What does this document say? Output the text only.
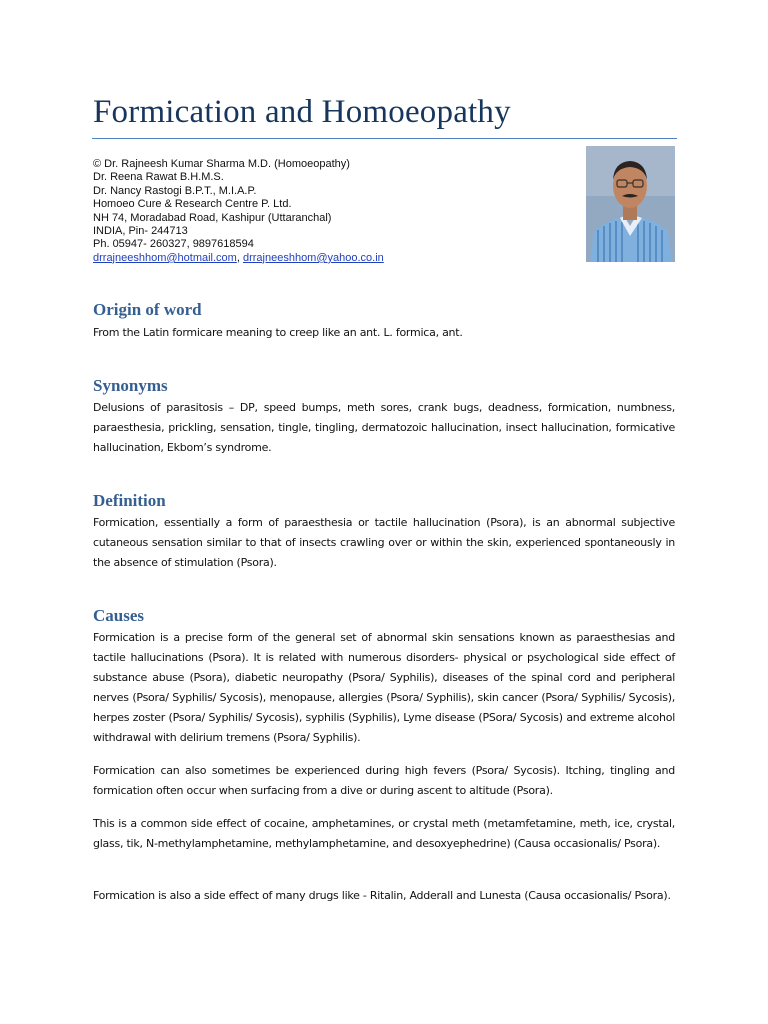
Formication and Homoeopathy
© Dr. Rajneesh Kumar Sharma M.D. (Homoeopathy)
Dr. Reena Rawat B.H.M.S.
Dr. Nancy Rastogi B.P.T., M.I.A.P.
Homoeo Cure & Research Centre P. Ltd.
NH 74, Moradabad Road, Kashipur (Uttaranchal)
INDIA, Pin- 244713
Ph. 05947- 260327, 9897618594
drrajneeshhom@hotmail.com, drrajneeshhom@yahoo.co.in
Origin of word

From the Latin formicare meaning to creep like an ant. L. formica, ant.

Synonyms

Delusions of parasitosis – DP, speed bumps, meth sores, crank bugs, deadness, formication, numbness, paraesthesia, prickling, sensation, tingle, tingling, dermatozoic hallucination, insect hallucination, formicative hallucination, Ekbom’s syndrome.

Definition

Formication, essentially a form of paraesthesia or tactile hallucination (Psora), is an abnormal subjective cutaneous sensation similar to that of insects crawling over or within the skin, experienced spontaneously in the absence of stimulation (Psora).

Causes

Formication is a precise form of the general set of abnormal skin sensations known as paraesthesias and tactile hallucinations (Psora). It is related with numerous disorders- physical or psychological side effect of substance abuse (Psora), diabetic neuropathy (Psora/ Syphilis), diseases of the spinal cord and peripheral nerves (Psora/ Syphilis/ Sycosis), menopause, allergies (Psora/ Syphilis), skin cancer (Psora/ Syphilis/ Sycosis), herpes zoster (Psora/ Syphilis/ Sycosis), syphilis (Syphilis), Lyme disease (PSora/ Sycosis) and extreme alcohol withdrawal with delirium tremens (Psora/ Syphilis).

Formication can also sometimes be experienced during high fevers (Psora/ Sycosis). Itching, tingling and formication often occur when surfacing from a dive or during ascent to altitude (Psora).

This is a common side effect of cocaine, amphetamines, or crystal meth (metamfetamine, meth, ice, crystal, glass, tik, N-methylamphetamine, methylamphetamine, and desoxyephedrine) (Causa occasionalis/ Psora).

Formication is also a side effect of many drugs like - Ritalin, Adderall and Lunesta (Causa occasionalis/ Psora).
